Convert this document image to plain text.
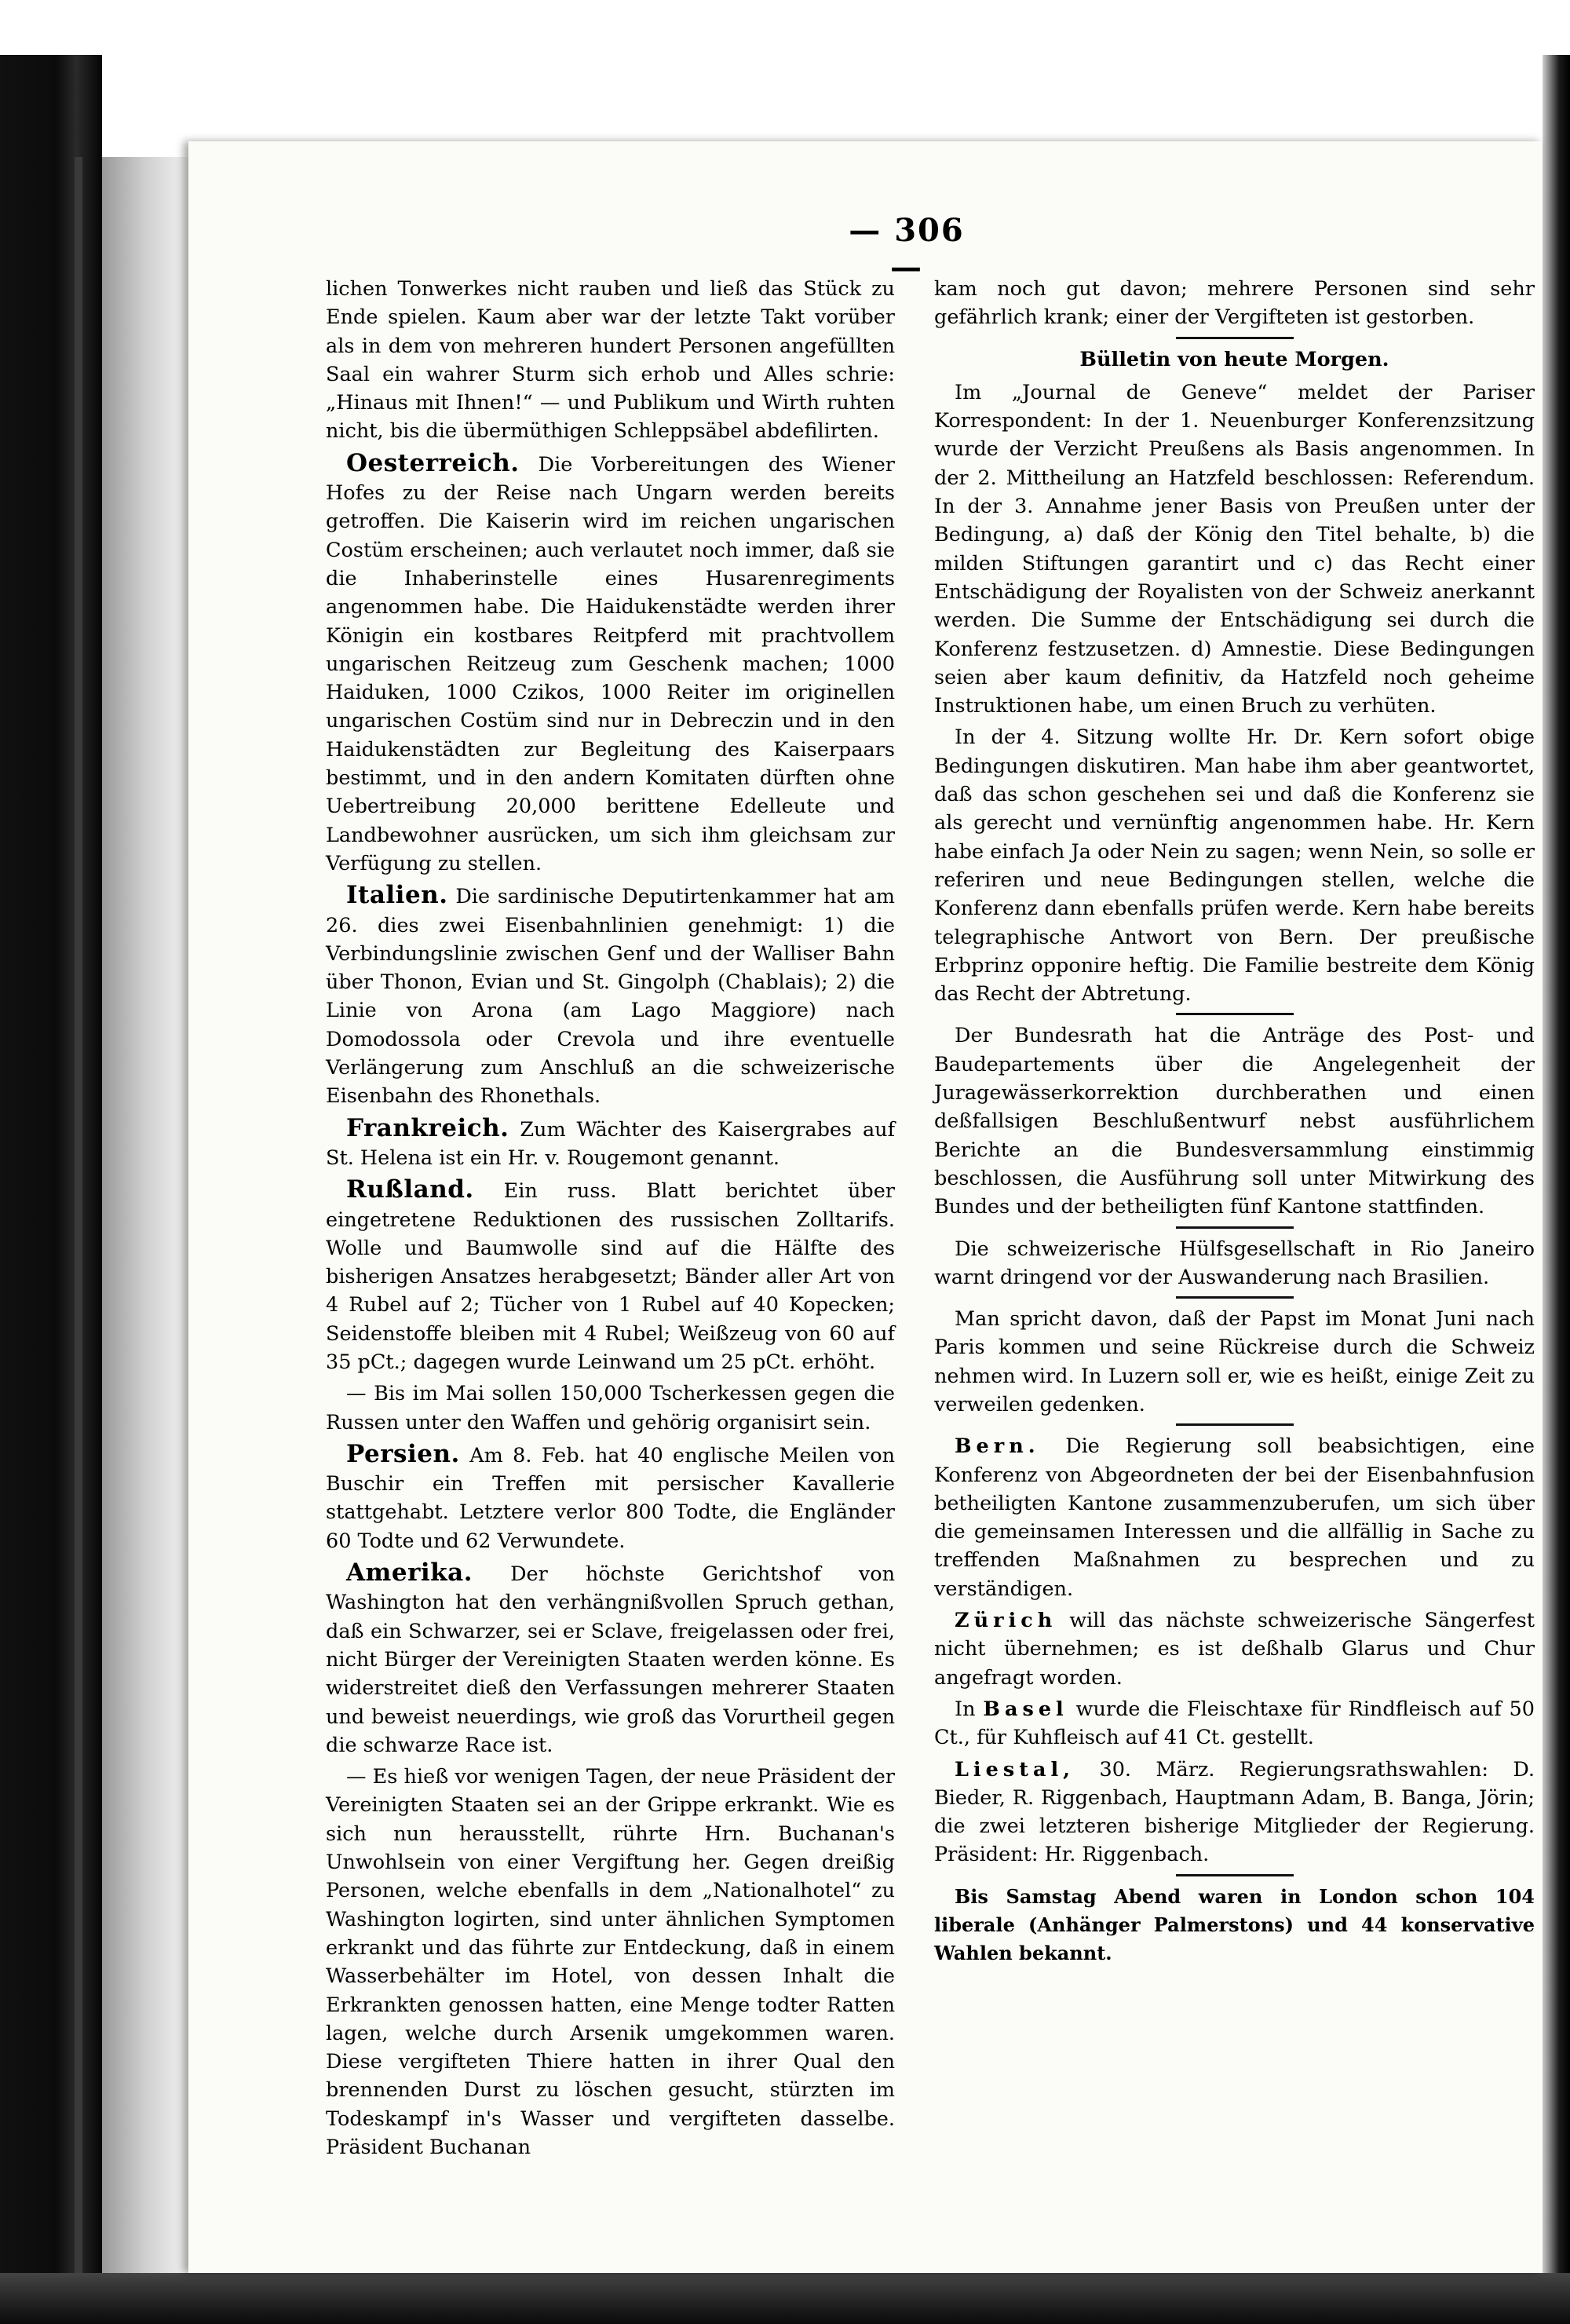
— 306 —

lichen Tonwerkes nicht rauben und ließ das Stück zu Ende spielen. Kaum aber war der letzte Takt vorüber als in dem von mehreren hundert Personen angefüllten Saal ein wahrer Sturm sich erhob und Alles schrie: „Hinaus mit Ihnen!“ — und Publikum und Wirth ruhten nicht, bis die übermüthigen Schleppsäbel abdefilirten.

Oesterreich. Die Vorbereitungen des Wiener Hofes zu der Reise nach Ungarn werden bereits getroffen. Die Kaiserin wird im reichen ungarischen Costüm erscheinen; auch verlautet noch immer, daß sie die Inhaberinstelle eines Husarenregiments angenommen habe. Die Haidukenstädte werden ihrer Königin ein kostbares Reitpferd mit prachtvollem ungarischen Reitzeug zum Geschenk machen; 1000 Haiduken, 1000 Czikos, 1000 Reiter im originellen ungarischen Costüm sind nur in Debreczin und in den Haidukenstädten zur Begleitung des Kaiserpaars bestimmt, und in den andern Komitaten dürften ohne Uebertreibung 20,000 berittene Edelleute und Landbewohner ausrücken, um sich ihm gleichsam zur Verfügung zu stellen.

Italien. Die sardinische Deputirtenkammer hat am 26. dies zwei Eisenbahnlinien genehmigt: 1) die Verbindungslinie zwischen Genf und der Walliser Bahn über Thonon, Evian und St. Gingolph (Chablais); 2) die Linie von Arona (am Lago Maggiore) nach Domodossola oder Crevola und ihre eventuelle Verlängerung zum Anschluß an die schweizerische Eisenbahn des Rhonethals.

Frankreich. Zum Wächter des Kaisergrabes auf St. Helena ist ein Hr. v. Rougemont genannt.

Rußland. Ein russ. Blatt berichtet über eingetretene Reduktionen des russischen Zolltarifs. Wolle und Baumwolle sind auf die Hälfte des bisherigen Ansatzes herabgesetzt; Bänder aller Art von 4 Rubel auf 2; Tücher von 1 Rubel auf 40 Kopecken; Seidenstoffe bleiben mit 4 Rubel; Weißzeug von 60 auf 35 pCt.; dagegen wurde Leinwand um 25 pCt. erhöht.

— Bis im Mai sollen 150,000 Tscherkessen gegen die Russen unter den Waffen und gehörig organisirt sein.

Persien. Am 8. Feb. hat 40 englische Meilen von Buschir ein Treffen mit persischer Kavallerie stattgehabt. Letztere verlor 800 Todte, die Engländer 60 Todte und 62 Verwundete.

Amerika. Der höchste Gerichtshof von Washington hat den verhängnißvollen Spruch gethan, daß ein Schwarzer, sei er Sclave, freigelassen oder frei, nicht Bürger der Vereinigten Staaten werden könne. Es widerstreitet dieß den Verfassungen mehrerer Staaten und beweist neuerdings, wie groß das Vorurtheil gegen die schwarze Race ist.

— Es hieß vor wenigen Tagen, der neue Präsident der Vereinigten Staaten sei an der Grippe erkrankt. Wie es sich nun herausstellt, rührte Hrn. Buchanan's Unwohlsein von einer Vergiftung her. Gegen dreißig Personen, welche ebenfalls in dem „Nationalhotel“ zu Washington logirten, sind unter ähnlichen Symptomen erkrankt und das führte zur Entdeckung, daß in einem Wasserbehälter im Hotel, von dessen Inhalt die Erkrankten genossen hatten, eine Menge todter Ratten lagen, welche durch Arsenik umgekommen waren. Diese vergifteten Thiere hatten in ihrer Qual den brennenden Durst zu löschen gesucht, stürzten im Todeskampf in's Wasser und vergifteten dasselbe. Präsident Buchanan

kam noch gut davon; mehrere Personen sind sehr gefährlich krank; einer der Vergifteten ist gestorben.

Bülletin von heute Morgen.

Im „Journal de Geneve“ meldet der Pariser Korrespondent: In der 1. Neuenburger Konferenzsitzung wurde der Verzicht Preußens als Basis angenommen. In der 2. Mittheilung an Hatzfeld beschlossen: Referendum. In der 3. Annahme jener Basis von Preußen unter der Bedingung, a) daß der König den Titel behalte, b) die milden Stiftungen garantirt und c) das Recht einer Entschädigung der Royalisten von der Schweiz anerkannt werden. Die Summe der Entschädigung sei durch die Konferenz festzusetzen. d) Amnestie. Diese Bedingungen seien aber kaum definitiv, da Hatzfeld noch geheime Instruktionen habe, um einen Bruch zu verhüten.

In der 4. Sitzung wollte Hr. Dr. Kern sofort obige Bedingungen diskutiren. Man habe ihm aber geantwortet, daß das schon geschehen sei und daß die Konferenz sie als gerecht und vernünftig angenommen habe. Hr. Kern habe einfach Ja oder Nein zu sagen; wenn Nein, so solle er referiren und neue Bedingungen stellen, welche die Konferenz dann ebenfalls prüfen werde. Kern habe bereits telegraphische Antwort von Bern. Der preußische Erbprinz opponire heftig. Die Familie bestreite dem König das Recht der Abtretung.

Der Bundesrath hat die Anträge des Post- und Baudepartements über die Angelegenheit der Juragewässerkorrektion durchberathen und einen deßfallsigen Beschlußentwurf nebst ausführlichem Berichte an die Bundesversammlung einstimmig beschlossen, die Ausführung soll unter Mitwirkung des Bundes und der betheiligten fünf Kantone stattfinden.

Die schweizerische Hülfsgesellschaft in Rio Janeiro warnt dringend vor der Auswanderung nach Brasilien.

Man spricht davon, daß der Papst im Monat Juni nach Paris kommen und seine Rückreise durch die Schweiz nehmen wird. In Luzern soll er, wie es heißt, einige Zeit zu verweilen gedenken.

Bern. Die Regierung soll beabsichtigen, eine Konferenz von Abgeordneten der bei der Eisenbahnfusion betheiligten Kantone zusammenzuberufen, um sich über die gemeinsamen Interessen und die allfällig in Sache zu treffenden Maßnahmen zu besprechen und zu verständigen.

Zürich will das nächste schweizerische Sängerfest nicht übernehmen; es ist deßhalb Glarus und Chur angefragt worden.

In Basel wurde die Fleischtaxe für Rindfleisch auf 50 Ct., für Kuhfleisch auf 41 Ct. gestellt.

Liestal, 30. März. Regierungsrathswahlen: D. Bieder, R. Riggenbach, Hauptmann Adam, B. Banga, Jörin; die zwei letzteren bisherige Mitglieder der Regierung. Präsident: Hr. Riggenbach.

Bis Samstag Abend waren in London schon 104 liberale (Anhänger Palmerstons) und 44 konservative Wahlen bekannt.
